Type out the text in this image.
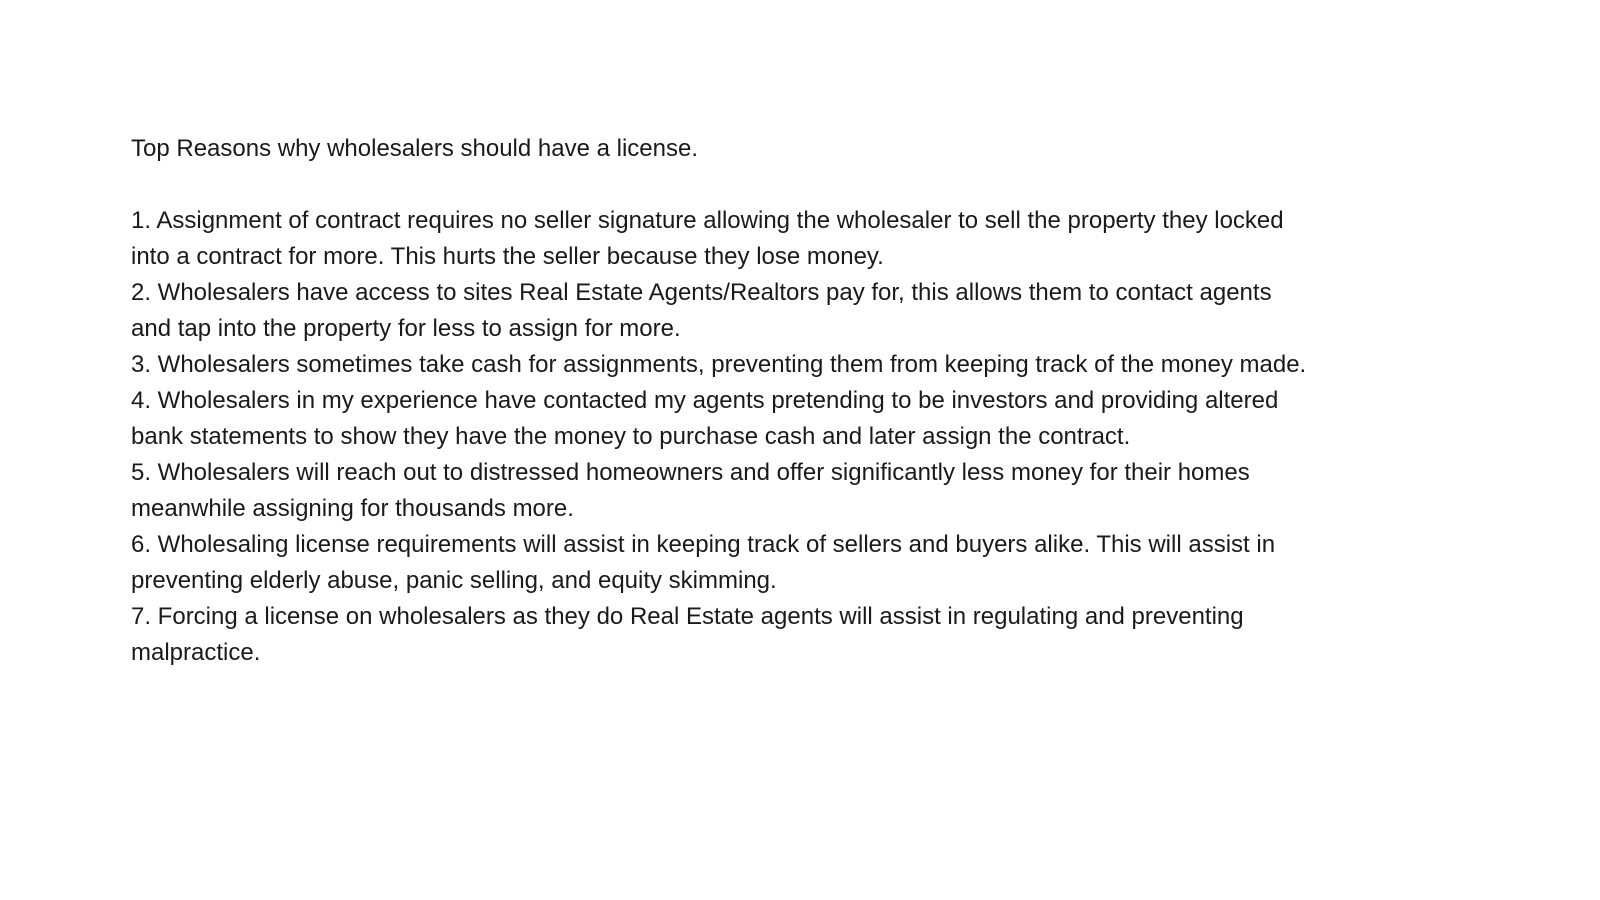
Top Reasons why wholesalers should have a license.

1. Assignment of contract requires no seller signature allowing the wholesaler to sell the property they locked into a contract for more. This hurts the seller because they lose money.
2. Wholesalers have access to sites Real Estate Agents/Realtors pay for, this allows them to contact agents and tap into the property for less to assign for more.
3. Wholesalers sometimes take cash for assignments, preventing them from keeping track of the money made.
4. Wholesalers in my experience have contacted my agents pretending to be investors and providing altered bank statements to show they have the money to purchase cash and later assign the contract.
5. Wholesalers will reach out to distressed homeowners and offer significantly less money for their homes meanwhile assigning for thousands more.
6. Wholesaling license requirements will assist in keeping track of sellers and buyers alike. This will assist in preventing elderly abuse, panic selling, and equity skimming.
7. Forcing a license on wholesalers as they do Real Estate agents will assist in regulating and preventing malpractice.
